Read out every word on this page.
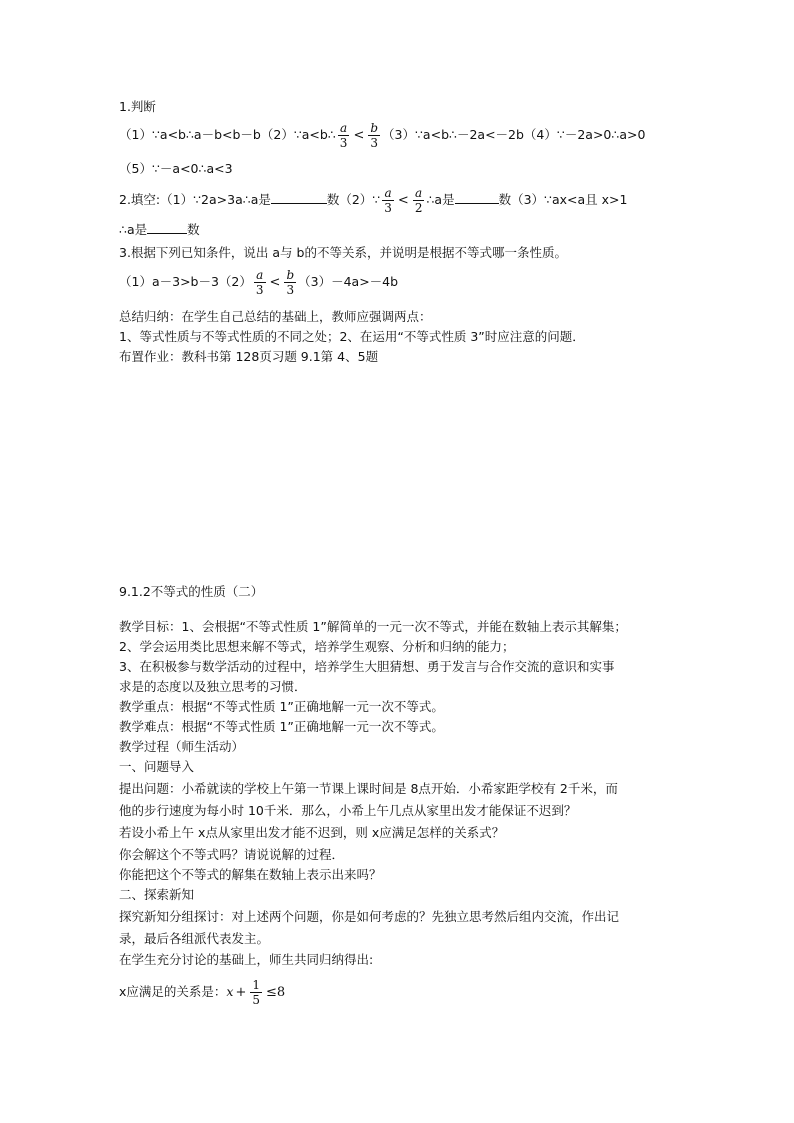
1.判断
（1）∵a<b∴a－b<b－b（2）∵a<b∴ $\frac{a}{3} < \frac{b}{3}$ （3）∵a<b∴－2a<－2b（4）∵－2a>0∴a>0
（5）∵－a<0∴a<3
2.填空:（1）∵2a>3a∴a是	数（2）∵ $\frac{a}{3} < \frac{a}{2}$ ∴a是	数（3）∵ax<a且 x>1
∴a是	数
3.根据下列已知条件，说出 a与 b的不等关系，并说明是根据不等式哪一条性质。
$(1)a-3>b-3(2) \frac{a}{3} < \frac{b}{3} (3)-4a>-4b$
总结归纳：在学生自己总结的基础上，教师应强调两点：
1、等式性质与不等式性质的不同之处；2、在运用“不等式性质 3”时应注意的问题．
布置作业：教科书第 128页习题 9.1第 4、5题
9.1.2不等式的性质（二）
教学目标：1、会根据“不等式性质 1”解简单的一元一次不等式，并能在数轴上表示其解集；
2、学会运用类比思想来解不等式，培养学生观察、分析和归纳的能力；
3、在积极参与数学活动的过程中，培养学生大胆猜想、勇于发言与合作交流的意识和实事
求是的态度以及独立思考的习惯．
教学重点：根据“不等式性质 1”正确地解一元一次不等式。
教学难点：根据“不等式性质 1”正确地解一元一次不等式。
教学过程（师生活动）
一、问题导入
提出问题：小希就读的学校上午第一节课上课时间是 8点开始．小希家距学校有 2千米，而
他的步行速度为每小时 10千米．那么，小希上午几点从家里出发才能保证不迟到？
若设小希上午 x点从家里出发才能不迟到，则 x应满足怎样的关系式？
你会解这个不等式吗？请说说解的过程．
你能把这个不等式的解集在数轴上表示出来吗？
二、探索新知
探究新知分组探讨：对上述两个问题，你是如何考虑的？先独立思考然后组内交流，作出记
录，最后各组派代表发主。
在学生充分讨论的基础上，师生共同归纳得出:
x应满足的关系是：$x + \frac{1}{5} \le 8$
